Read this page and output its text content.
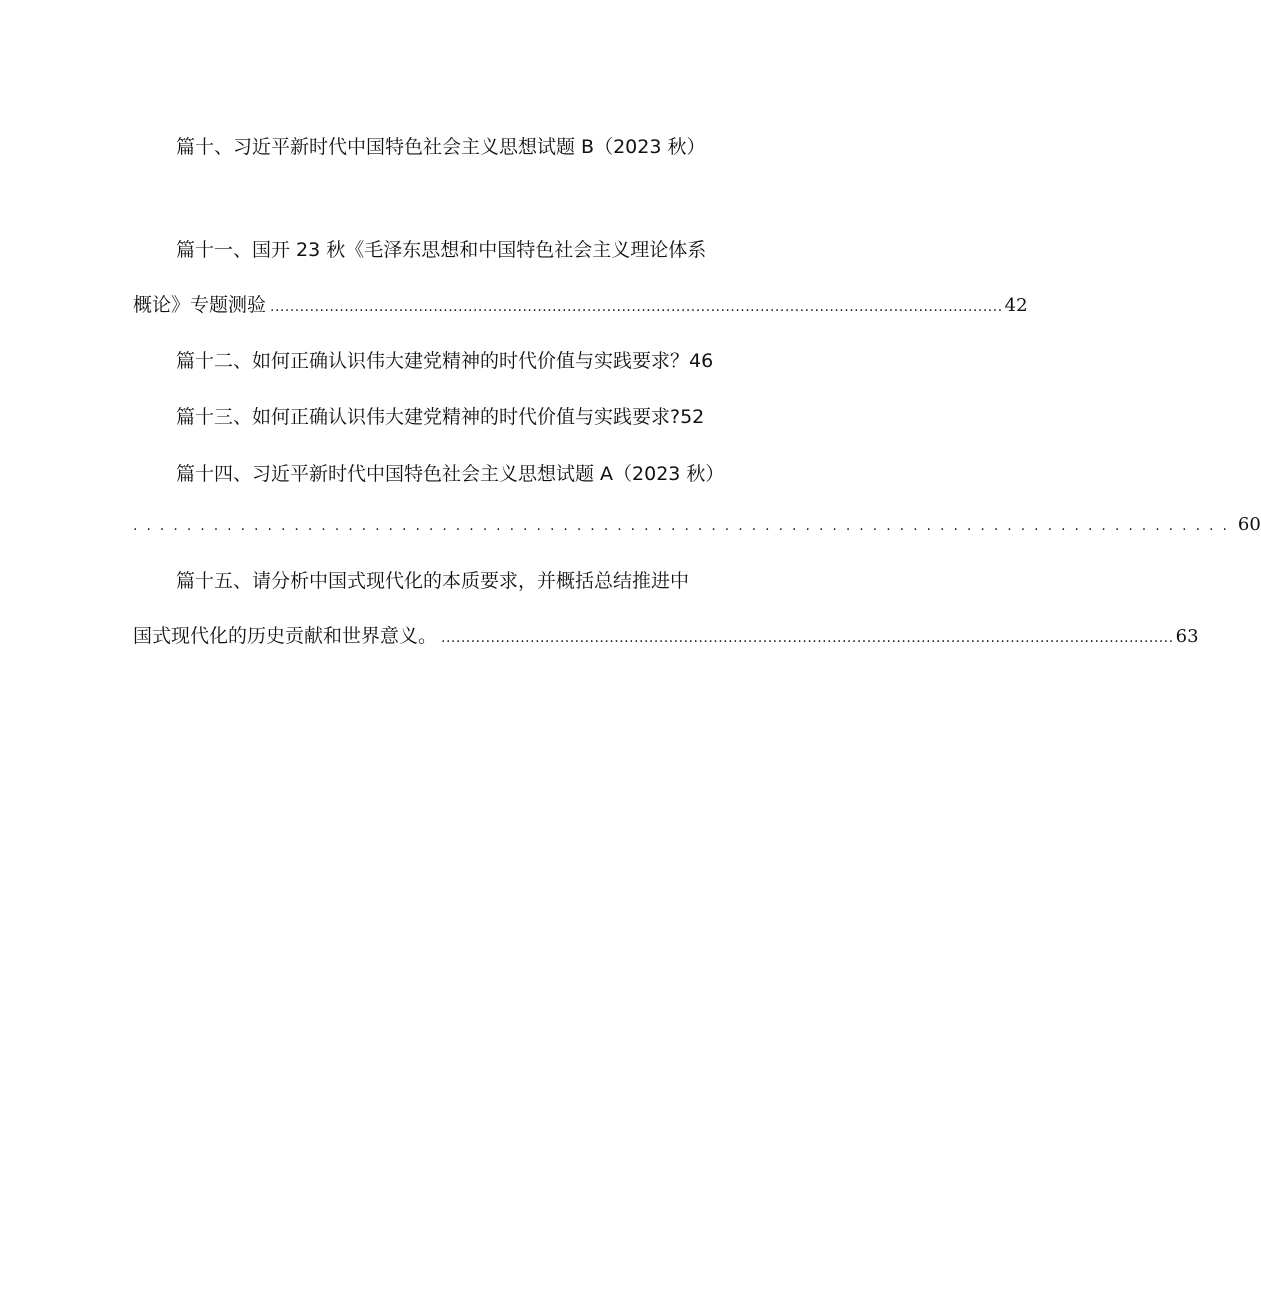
篇十、习近平新时代中国特色社会主义思想试题 B（2023 秋）
篇十一、国开 23 秋《毛泽东思想和中国特色社会主义理论体系
概论》专题测验 .................................................................................................................................................... 42
篇十二、如何正确认识伟大建党精神的时代价值与实践要求？46
篇十三、如何正确认识伟大建党精神的时代价值与实践要求?52
篇十四、习近平新时代中国特色社会主义思想试题 A（2023 秋）
.................................................................................. 60
篇十五、请分析中国式现代化的本质要求，并概括总结推进中
国式现代化的历史贡献和世界意义。 .................................................................................................................................................... 63
